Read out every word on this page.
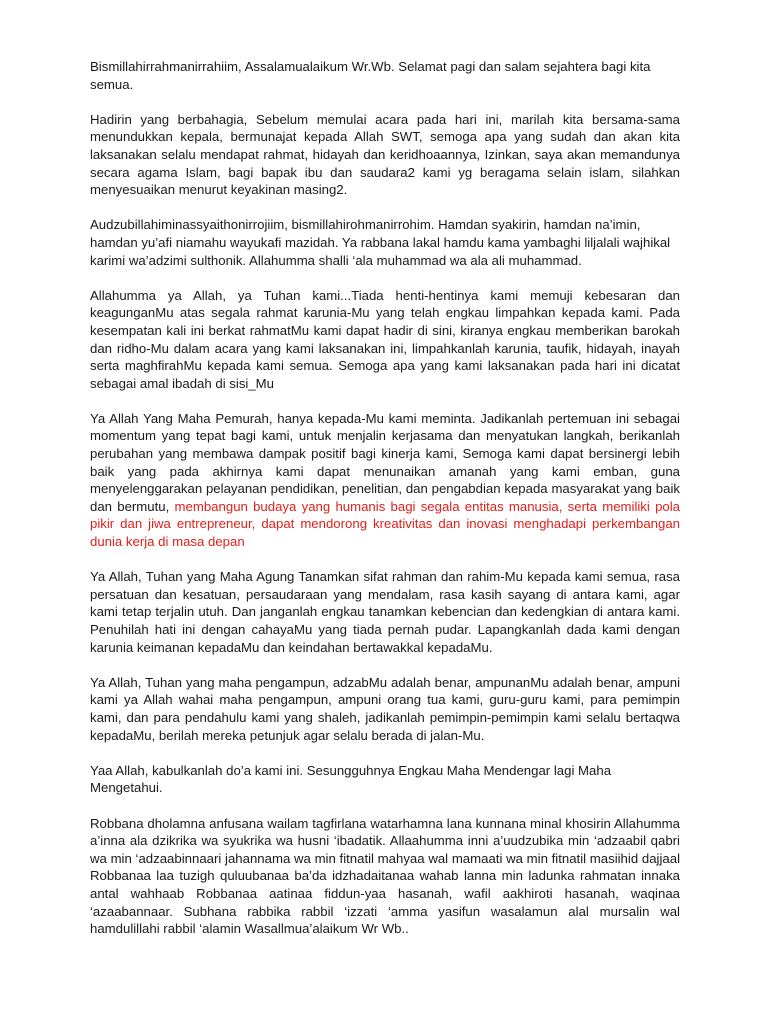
Bismillahirrahmanirrahiim, Assalamualaikum Wr.Wb. Selamat pagi dan salam sejahtera bagi kita semua.
Hadirin yang berbahagia, Sebelum memulai acara pada hari ini, marilah kita bersama-sama menundukkan kepala, bermunajat kepada Allah SWT, semoga apa yang sudah dan akan kita laksanakan selalu mendapat rahmat, hidayah dan keridhoaannya, Izinkan, saya akan memandunya secara agama Islam, bagi bapak ibu dan saudara2 kami yg beragama selain islam, silahkan menyesuaikan menurut keyakinan masing2.
Audzubillahiminassyaithonirrojiim, bismillahirohmanirrohim. Hamdan syakirin, hamdan na’imin, hamdan yu’afi niamahu wayukafi mazidah. Ya rabbana lakal hamdu kama yambaghi liljalali wajhikal karimi wa’adzimi sulthonik. Allahumma shalli ‘ala muhammad wa ala ali muhammad.
Allahumma ya Allah, ya Tuhan kami...Tiada henti-hentinya kami memuji kebesaran dan keagunganMu atas segala rahmat karunia-Mu yang telah engkau limpahkan kepada kami. Pada kesempatan kali ini berkat rahmatMu kami dapat hadir di sini, kiranya engkau memberikan barokah dan ridho-Mu dalam acara yang kami laksanakan ini, limpahkanlah karunia, taufik, hidayah, inayah serta maghfirahMu kepada kami semua. Semoga apa yang kami laksanakan pada hari ini dicatat sebagai amal ibadah di sisi_Mu
Ya Allah Yang Maha Pemurah, hanya kepada-Mu kami meminta. Jadikanlah pertemuan ini sebagai momentum yang tepat bagi kami, untuk menjalin kerjasama dan menyatukan langkah, berikanlah perubahan yang membawa dampak positif bagi kinerja kami, Semoga kami dapat bersinergi lebih baik yang pada akhirnya kami dapat menunaikan amanah yang kami emban, guna menyelenggarakan pelayanan pendidikan, penelitian, dan pengabdian kepada masyarakat yang baik dan bermutu, membangun budaya yang humanis bagi segala entitas manusia, serta memiliki pola pikir dan jiwa entrepreneur, dapat mendorong kreativitas dan inovasi menghadapi perkembangan dunia kerja di masa depan
Ya Allah, Tuhan yang Maha Agung Tanamkan sifat rahman dan rahim-Mu kepada kami semua, rasa persatuan dan kesatuan, persaudaraan yang mendalam, rasa kasih sayang di antara kami, agar kami tetap terjalin utuh. Dan janganlah engkau tanamkan kebencian dan kedengkian di antara kami. Penuhilah hati ini dengan cahayaMu yang tiada pernah pudar. Lapangkanlah dada kami dengan karunia keimanan kepadaMu dan keindahan bertawakkal kepadaMu.
Ya Allah, Tuhan yang maha pengampun, adzabMu adalah benar, ampunanMu adalah benar, ampuni kami ya Allah wahai maha pengampun, ampuni orang tua kami, guru-guru kami, para pemimpin kami, dan para pendahulu kami yang shaleh, jadikanlah pemimpin-pemimpin kami selalu bertaqwa kepadaMu, berilah mereka petunjuk agar selalu berada di jalan-Mu.
Yaa Allah, kabulkanlah do’a kami ini. Sesungguhnya Engkau Maha Mendengar lagi Maha Mengetahui.
Robbana dholamna anfusana wailam tagfirlana watarhamna lana kunnana minal khosirin Allahumma a’inna ala dzikrika wa syukrika wa husni ‘ibadatik. Allaahumma inni a’uudzubika min ‘adzaabil qabri wa min ‘adzaabinnaari jahannama wa min fitnatil mahyaa wal mamaati wa min fitnatil masiihid dajjaal Robbanaa laa tuzigh quluubanaa ba’da idzhadaitanaa wahab lanna min ladunka rahmatan innaka antal wahhaab Robbanaa aatinaa fiddun-yaa hasanah, wafil aakhiroti hasanah, waqinaa ‘azaabannaar. Subhana rabbika rabbil ‘izzati ‘amma yasifun wasalamun alal mursalin wal hamdulillahi rabbil ‘alamin Wasallmua’alaikum Wr Wb..
